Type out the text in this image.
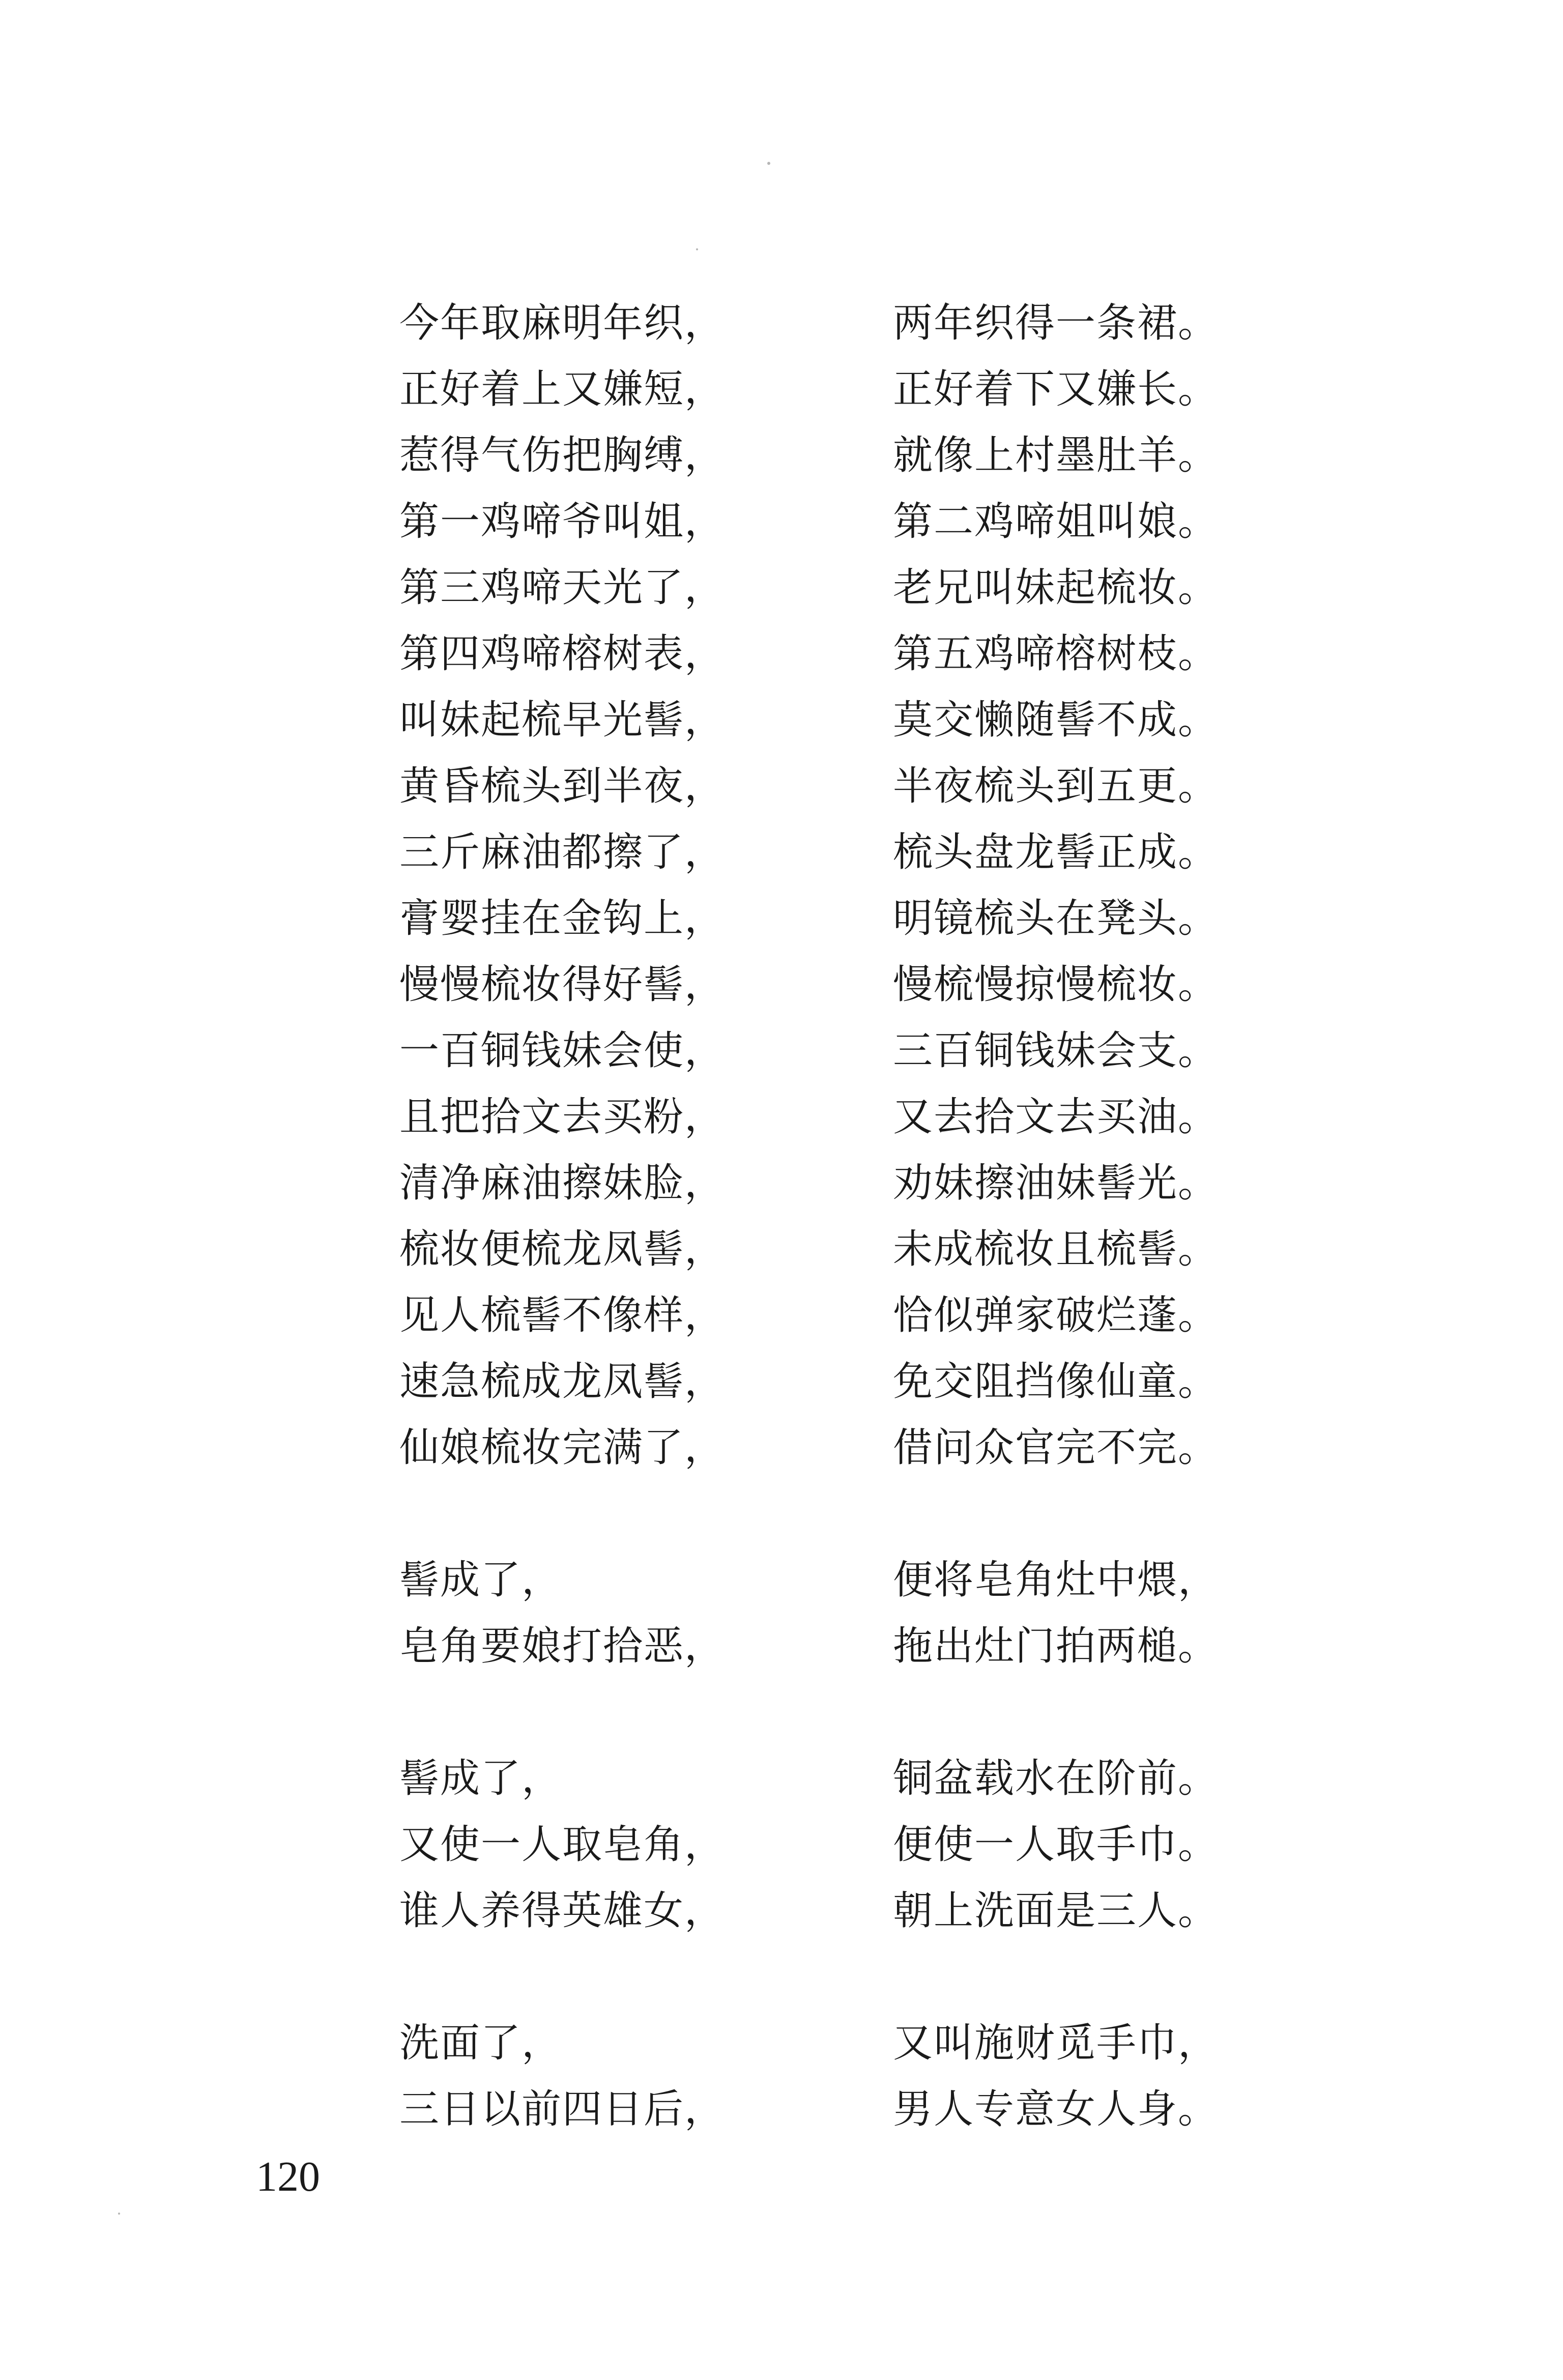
今年取麻明年织，	两年织得一条裙。
正好着上又嫌短，	正好着下又嫌长。
惹得气伤把胸缚，	就像上村墨肚羊。
第一鸡啼爷叫姐，	第二鸡啼姐叫娘。
第三鸡啼天光了，	老兄叫妹起梳妆。
第四鸡啼榕树表，	第五鸡啼榕树枝。
叫妹起梳早光髻，	莫交懒随髻不成。
黄昏梳头到半夜，	半夜梳头到五更。
三斤麻油都擦了，	梳头盘龙髻正成。
膏婴挂在金钩上，	明镜梳头在凳头。
慢慢梳妆得好髻，	慢梳慢掠慢梳妆。
一百铜钱妹会使，	三百铜钱妹会支。
且把拾文去买粉，	又去拾文去买油。
清净麻油擦妹脸，	劝妹擦油妹髻光。
梳妆便梳龙凤髻，	未成梳妆且梳髻。
见人梳髻不像样，	恰似弹家破烂蓬。
速急梳成龙凤髻，	免交阻挡像仙童。
仙娘梳妆完满了，	借问众官完不完。
髻成了，	便将皂角灶中煨，
皂角要娘打拾恶，	拖出灶门拍两槌。
髻成了，	铜盆载水在阶前。
又使一人取皂角，	便使一人取手巾。
谁人养得英雄女，	朝上洗面是三人。
洗面了，	又叫施财觅手巾，
三日以前四日后，	男人专意女人身。
120
